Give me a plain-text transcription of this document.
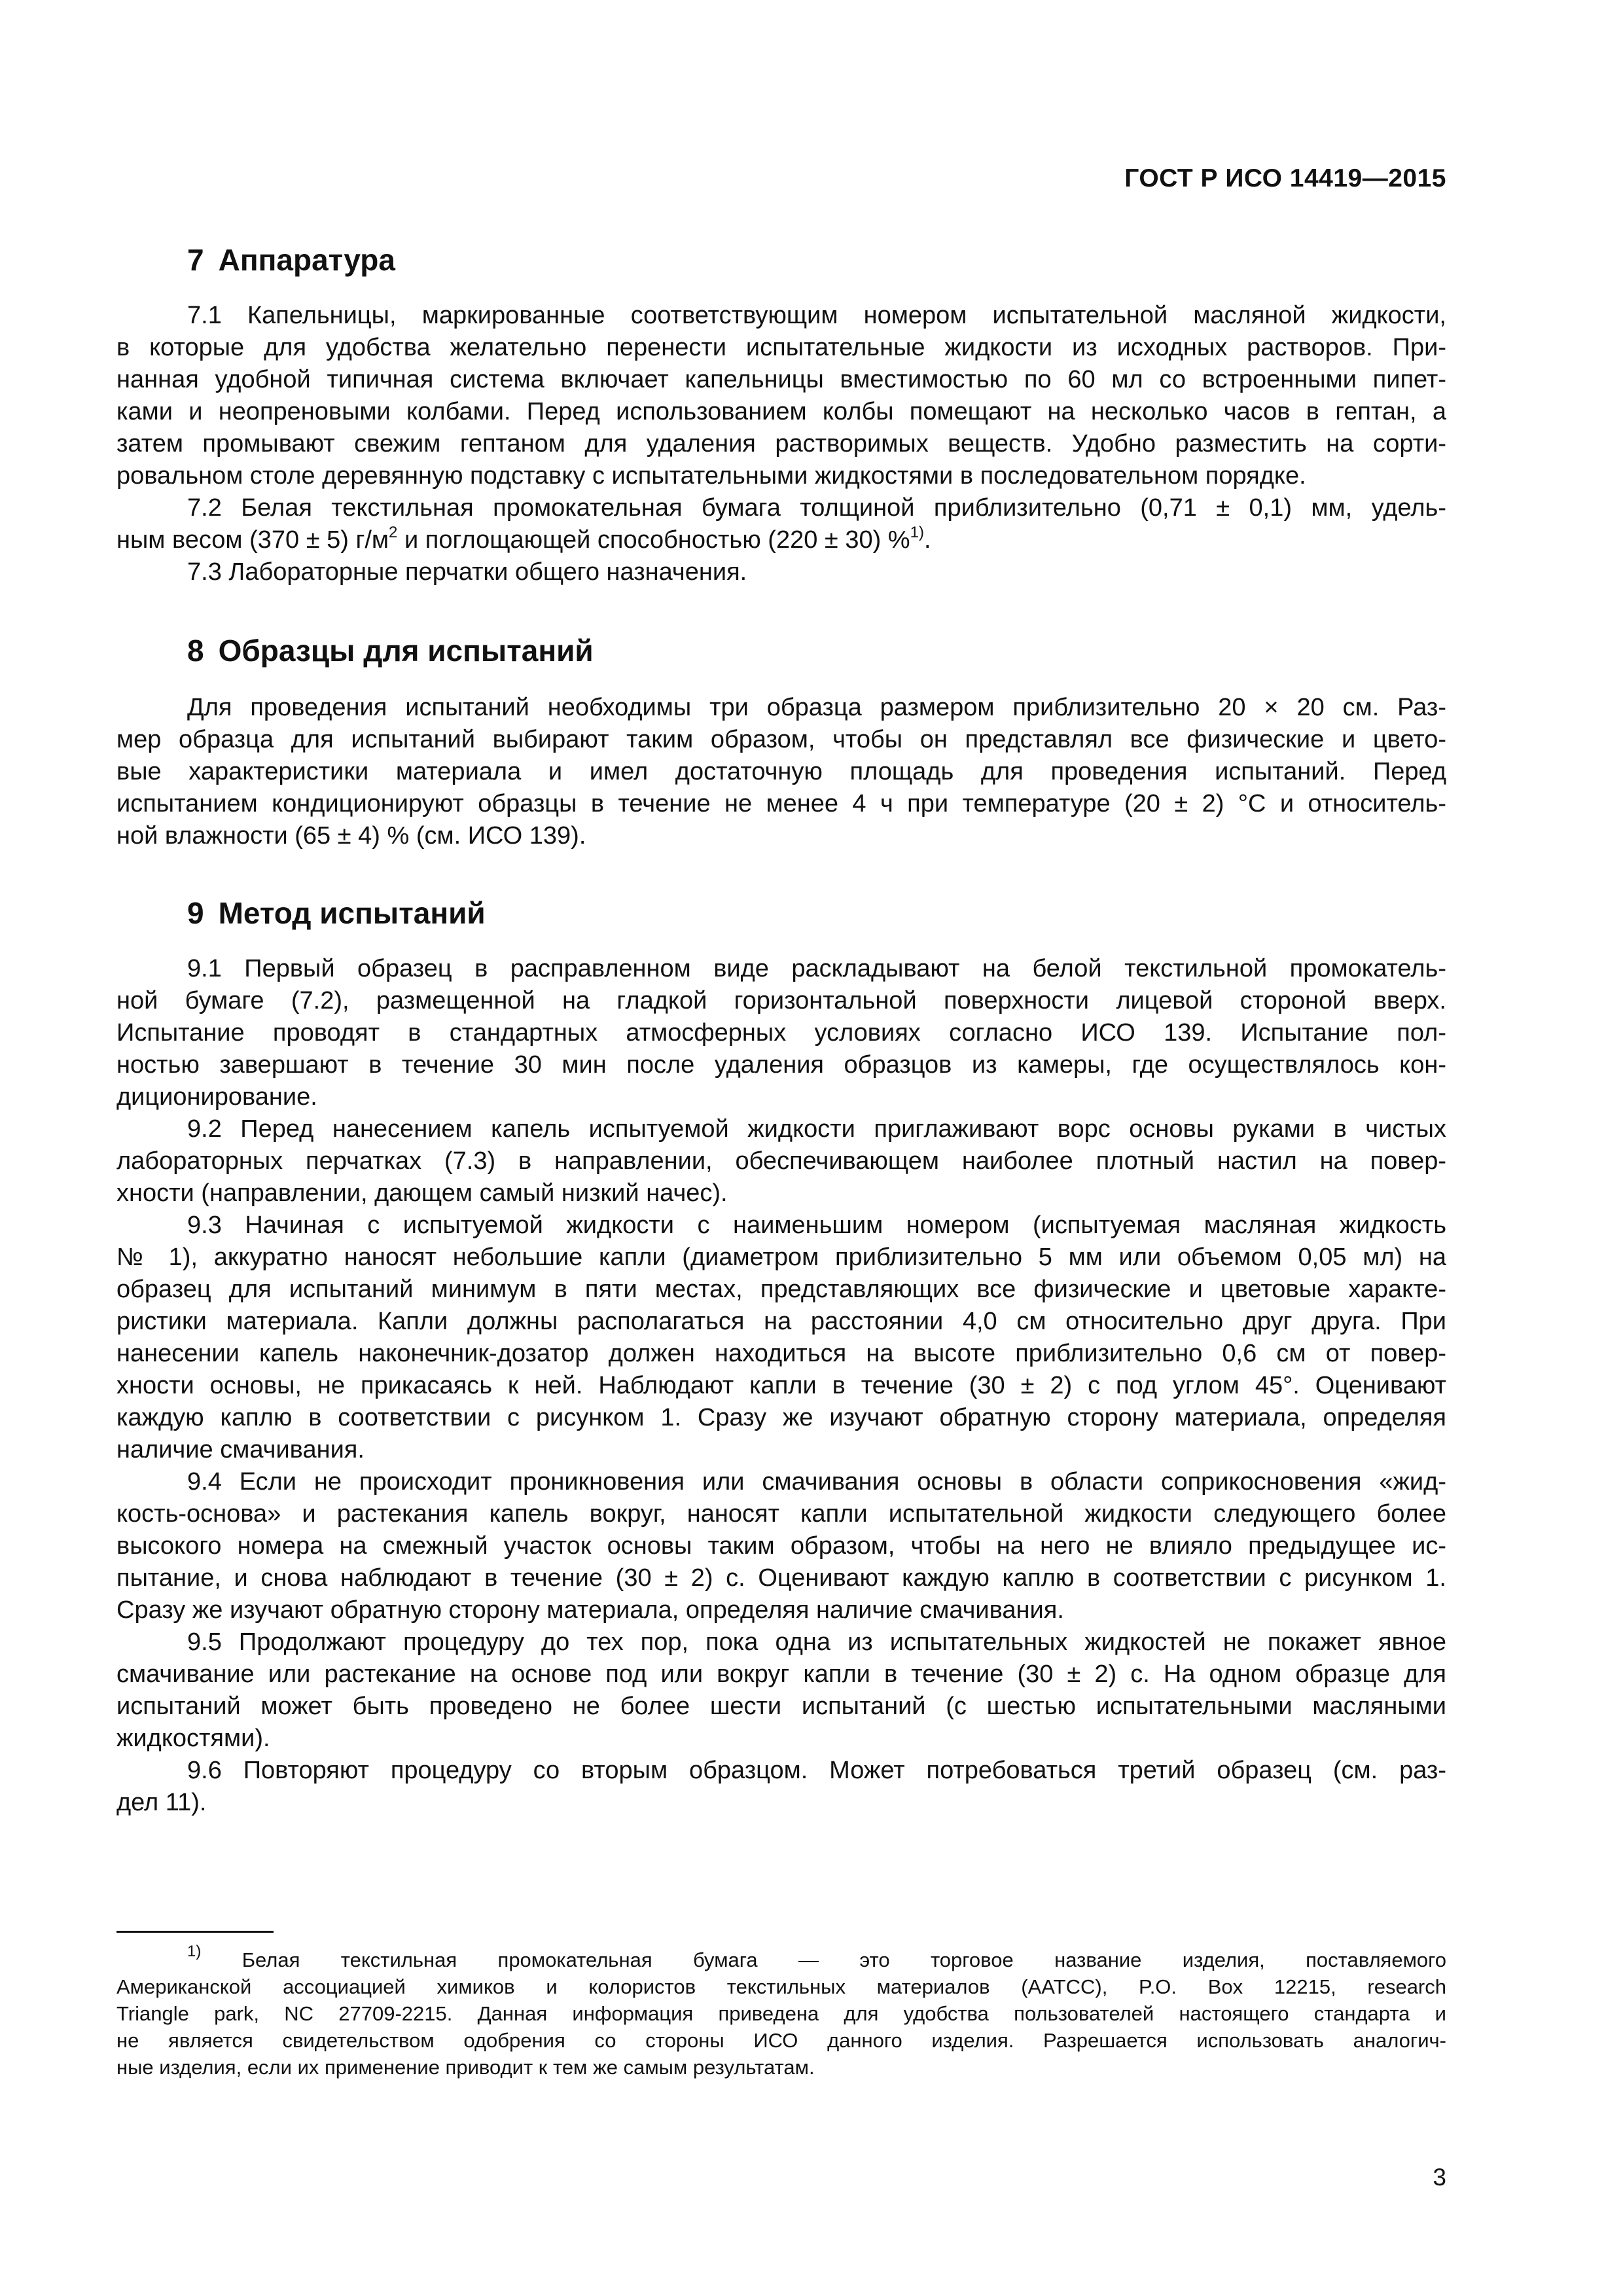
ГОСТ Р ИСО 14419—2015
7 Аппаратура

7.1 Капельницы, маркированные соответствующим номером испытательной масляной жидкости,
в которые для удобства желательно перенести испытательные жидкости из исходных растворов. При-
нанная удобной типичная система включает капельницы вместимостью по 60 мл со встроенными пипет-
ками и неопреновыми колбами. Перед использованием колбы помещают на несколько часов в гептан, а
затем промывают свежим гептаном для удаления растворимых веществ. Удобно разместить на сорти-
ровальном столе деревянную подставку с испытательными жидкостями в последовательном порядке.

7.2 Белая текстильная промокательная бумага толщиной приблизительно (0,71 ± 0,1) мм, удель-
ным весом (370 ± 5) $г/м^2$ и поглощающей способностью (220 ± 30) %$^{1)}$.

7.3 Лабораторные перчатки общего назначения.

8 Образцы для испытаний

Для проведения испытаний необходимы три образца размером приблизительно 20 × 20 см. Раз-
мер образца для испытаний выбирают таким образом, чтобы он представлял все физические и цвето-
вые характеристики материала и имел достаточную площадь для проведения испытаний. Перед
испытанием кондиционируют образцы в течение не менее 4 ч при температуре (20 ± 2) °С и относитель-
ной влажности (65 ± 4) % (см. ИСО 139).

9 Метод испытаний

9.1 Первый образец в расправленном виде раскладывают на белой текстильной промокатель-
ной бумаге (7.2), размещенной на гладкой горизонтальной поверхности лицевой стороной вверх.
Испытание проводят в стандартных атмосферных условиях согласно ИСО 139. Испытание пол-
ностью завершают в течение 30 мин после удаления образцов из камеры, где осуществлялось кон-
диционирование.

9.2 Перед нанесением капель испытуемой жидкости приглаживают ворс основы руками в чистых
лабораторных перчатках (7.3) в направлении, обеспечивающем наиболее плотный настил на повер-
хности (направлении, дающем самый низкий начес).

9.3 Начиная с испытуемой жидкости с наименьшим номером (испытуемая масляная жидкость
№ 1), аккуратно наносят небольшие капли (диаметром приблизительно 5 мм или объемом 0,05 мл) на
образец для испытаний минимум в пяти местах, представляющих все физические и цветовые характе-
ристики материала. Капли должны располагаться на расстоянии 4,0 см относительно друг друга. При
нанесении капель наконечник-дозатор должен находиться на высоте приблизительно 0,6 см от повер-
хности основы, не прикасаясь к ней. Наблюдают капли в течение (30 ± 2) с под углом 45°. Оценивают
каждую каплю в соответствии с рисунком 1. Сразу же изучают обратную сторону материала, определяя
наличие смачивания.

9.4 Если не происходит проникновения или смачивания основы в области соприкосновения «жид-
кость-основа» и растекания капель вокруг, наносят капли испытательной жидкости следующего более
высокого номера на смежный участок основы таким образом, чтобы на него не влияло предыдущее ис-
пытание, и снова наблюдают в течение (30 ± 2) с. Оценивают каждую каплю в соответствии с рисунком 1.
Сразу же изучают обратную сторону материала, определяя наличие смачивания.

9.5 Продолжают процедуру до тех пор, пока одна из испытательных жидкостей не покажет явное
смачивание или растекание на основе под или вокруг капли в течение (30 ± 2) с. На одном образце для
испытаний может быть проведено не более шести испытаний (с шестью испытательными масляными
жидкостями).

9.6 Повторяют процедуру со вторым образцом. Может потребоваться третий образец (см. раз-
дел 11).

$^{1)}$ Белая текстильная промокательная бумага — это торговое название изделия, поставляемого
Американской ассоциацией химиков и колористов текстильных материалов (AATCC), P.O. Box 12215, research
Triangle park, NC 27709-2215. Данная информация приведена для удобства пользователей настоящего стандарта и
не является свидетельством одобрения со стороны ИСО данного изделия. Разрешается использовать аналогич-
ные изделия, если их применение приводит к тем же самым результатам.
3
